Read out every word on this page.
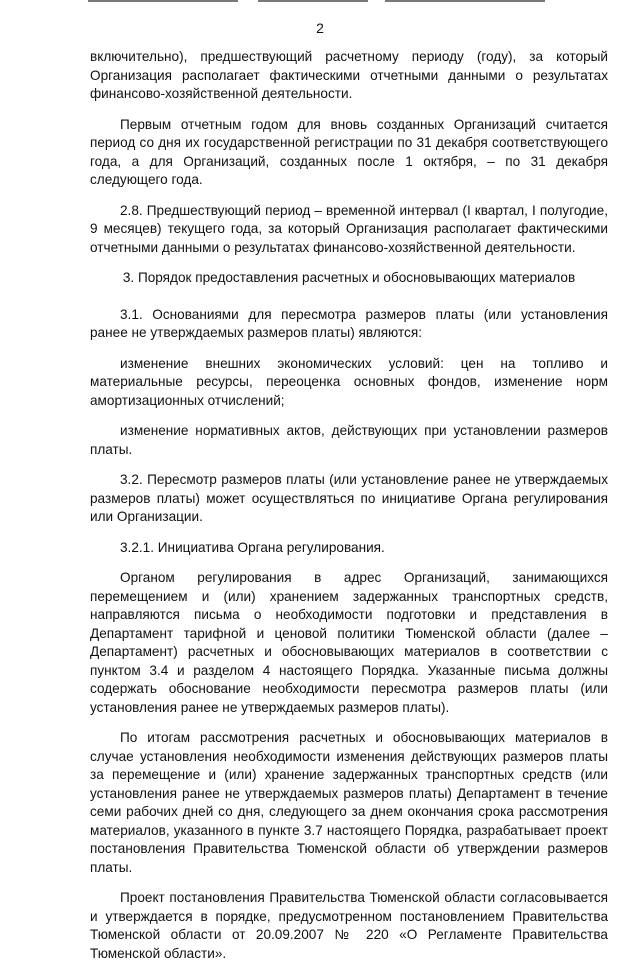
2

включительно), предшествующий расчетному периоду (году), за который Организация располагает фактическими отчетными данными о результатах финансово-хозяйственной деятельности.

Первым отчетным годом для вновь созданных Организаций считается период со дня их государственной регистрации по 31 декабря соответствующего года, а для Организаций, созданных после 1 октября, – по 31 декабря следующего года.

2.8. Предшествующий период – временной интервал (I квартал, I полугодие, 9 месяцев) текущего года, за который Организация располагает фактическими отчетными данными о результатах финансово-хозяйственной деятельности.

3. Порядок предоставления расчетных и обосновывающих материалов

3.1. Основаниями для пересмотра размеров платы (или установления ранее не утверждаемых размеров платы) являются:

изменение внешних экономических условий: цен на топливо и материальные ресурсы, переоценка основных фондов, изменение норм амортизационных отчислений;

изменение нормативных актов, действующих при установлении размеров платы.

3.2. Пересмотр размеров платы (или установление ранее не утверждаемых размеров платы) может осуществляться по инициативе Органа регулирования или Организации.

3.2.1. Инициатива Органа регулирования.

Органом регулирования в адрес Организаций, занимающихся перемещением и (или) хранением задержанных транспортных средств, направляются письма о необходимости подготовки и представления в Департамент тарифной и ценовой политики Тюменской области (далее – Департамент) расчетных и обосновывающих материалов в соответствии с пунктом 3.4 и разделом 4 настоящего Порядка. Указанные письма должны содержать обоснование необходимости пересмотра размеров платы (или установления ранее не утверждаемых размеров платы).

По итогам рассмотрения расчетных и обосновывающих материалов в случае установления необходимости изменения действующих размеров платы за перемещение и (или) хранение задержанных транспортных средств (или установления ранее не утверждаемых размеров платы) Департамент в течение семи рабочих дней со дня, следующего за днем окончания срока рассмотрения материалов, указанного в пункте 3.7 настоящего Порядка, разрабатывает проект постановления Правительства Тюменской области об утверждении размеров платы.

Проект постановления Правительства Тюменской области согласовывается и утверждается в порядке, предусмотренном постановлением Правительства Тюменской области от 20.09.2007 № 220 «О Регламенте Правительства Тюменской области».
